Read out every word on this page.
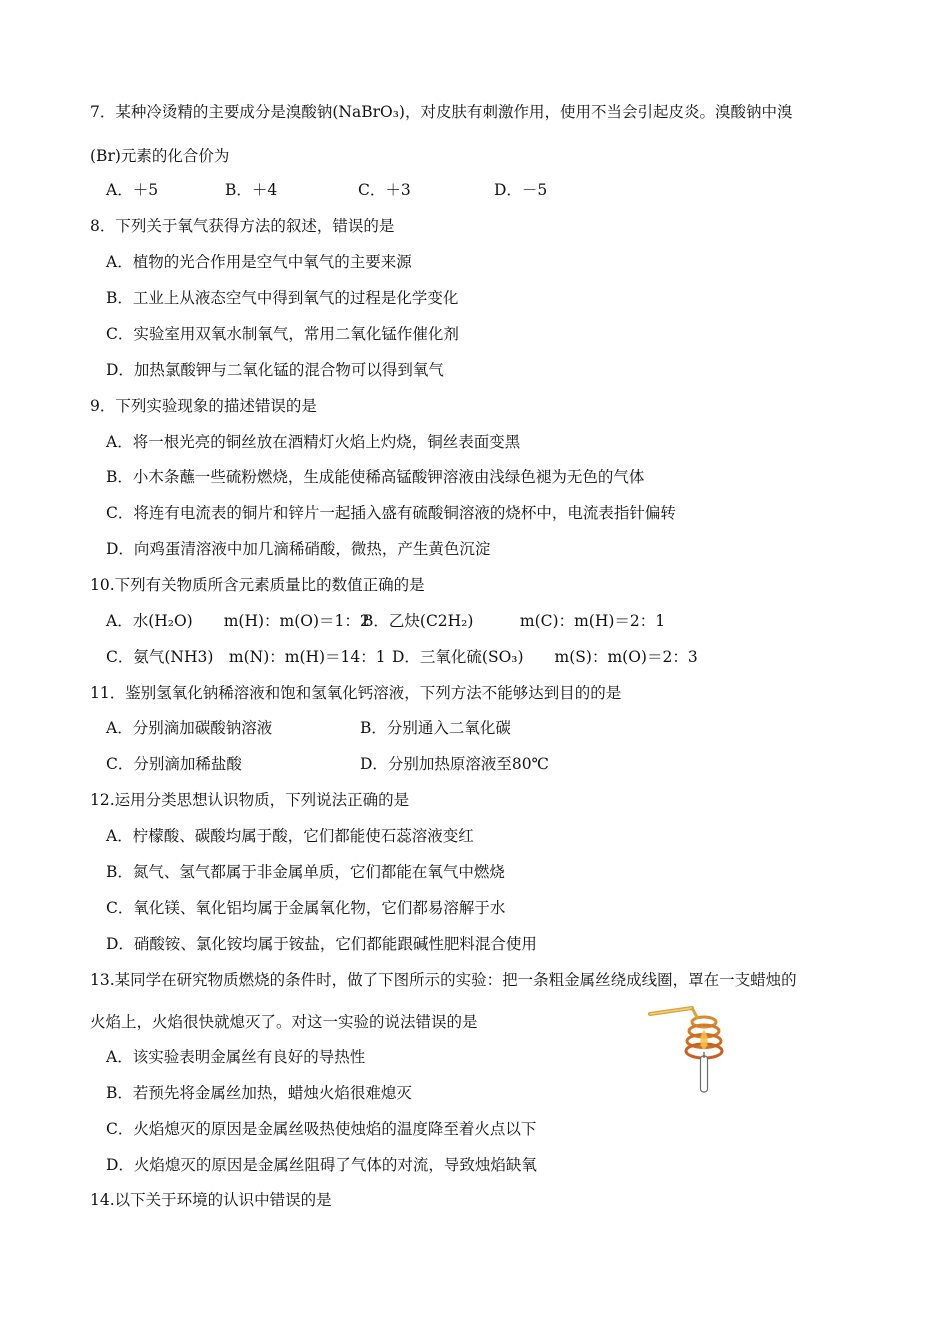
7．某种冷烫精的主要成分是溴酸钠(NaBrO₃)，对皮肤有刺激作用，使用不当会引起皮炎。溴酸钠中溴
(Br)元素的化合价为
A．＋5	B．＋4	C．＋3	D．－5
8．下列关于氧气获得方法的叙述，错误的是
A．植物的光合作用是空气中氧气的主要来源
B．工业上从液态空气中得到氧气的过程是化学变化
C．实验室用双氧水制氧气，常用二氧化锰作催化剂
D．加热氯酸钾与二氧化锰的混合物可以得到氧气
9．下列实验现象的描述错误的是
A．将一根光亮的铜丝放在酒精灯火焰上灼烧，铜丝表面变黑
B．小木条蘸一些硫粉燃烧，生成能使稀高锰酸钾溶液由浅绿色褪为无色的气体
C．将连有电流表的铜片和锌片一起插入盛有硫酸铜溶液的烧杯中，电流表指针偏转
D．向鸡蛋清溶液中加几滴稀硝酸，微热，产生黄色沉淀
10.下列有关物质所含元素质量比的数值正确的是
A．水(H₂O)　　m(H)：m(O)＝1：2
B．乙炔(C2H₂)　　　m(C)：m(H)＝2：1
C．氨气(NH3)　m(N)：m(H)＝14：1 D．三氧化硫(SO₃)　　m(S)：m(O)＝2：3
11．鉴别氢氧化钠稀溶液和饱和氢氧化钙溶液，下列方法不能够达到目的的是
A．分别滴加碳酸钠溶液	B．分别通入二氧化碳
C．分别滴加稀盐酸	D．分别加热原溶液至80℃
12.运用分类思想认识物质，下列说法正确的是
A．柠檬酸、碳酸均属于酸，它们都能使石蕊溶液变红
B．氮气、氢气都属于非金属单质，它们都能在氧气中燃烧
C．氧化镁、氧化铝均属于金属氧化物，它们都易溶解于水
D．硝酸铵、氯化铵均属于铵盐，它们都能跟碱性肥料混合使用
13.某同学在研究物质燃烧的条件时，做了下图所示的实验：把一条粗金属丝绕成线圈，罩在一支蜡烛的
火焰上，火焰很快就熄灭了。对这一实验的说法错误的是
A．该实验表明金属丝有良好的导热性
B．若预先将金属丝加热，蜡烛火焰很难熄灭
C．火焰熄灭的原因是金属丝吸热使烛焰的温度降至着火点以下
D．火焰熄灭的原因是金属丝阻碍了气体的对流，导致烛焰缺氧
14.以下关于环境的认识中错误的是
